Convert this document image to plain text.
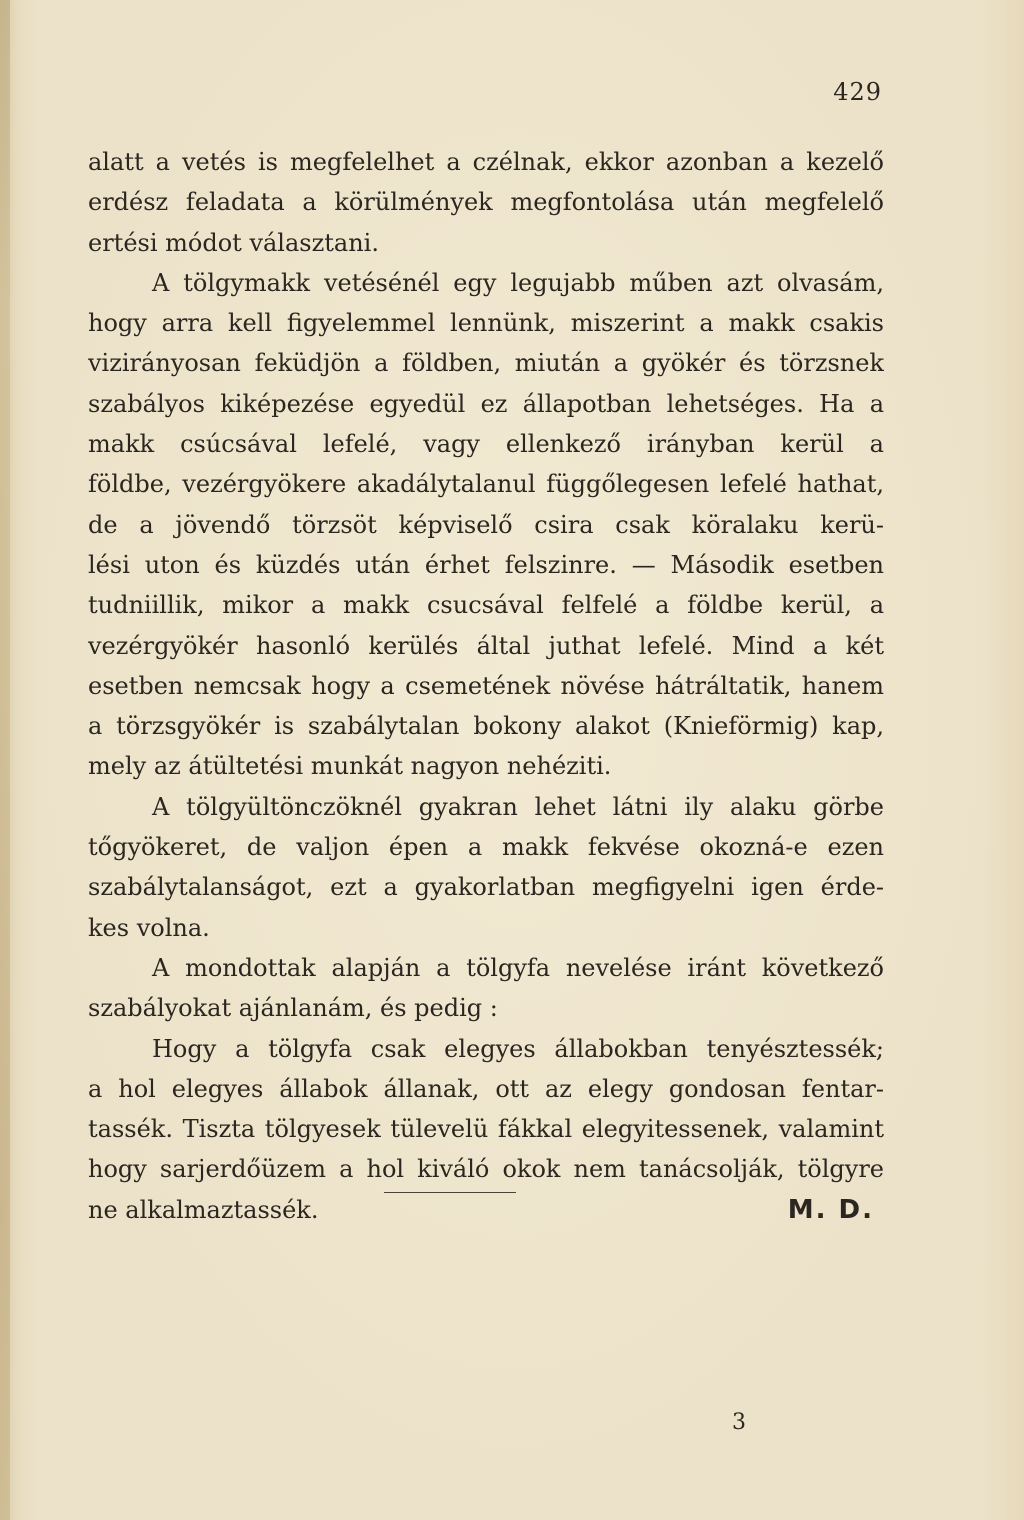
429
alatt a vetés is megfelelhet a czélnak, ekkor azonban a kezelő
erdész feladata a körülmények megfontolása után megfelelő
ertési módot választani.
A tölgymakk vetésénél egy legujabb műben azt olvasám,
hogy arra kell figyelemmel lennünk, miszerint a makk csakis
vizirányosan feküdjön a földben, miután a gyökér és törzsnek
szabályos kiképezése egyedül ez állapotban lehetséges. Ha a
makk csúcsával lefelé, vagy ellenkező irányban kerül a
földbe, vezérgyökere akadálytalanul függőlegesen lefelé hathat,
de a jövendő törzsöt képviselő csira csak köralaku kerü-
lési uton és küzdés után érhet felszinre. — Második esetben
tudniillik, mikor a makk csucsával felfelé a földbe kerül, a
vezérgyökér hasonló kerülés által juthat lefelé. Mind a két
esetben nemcsak hogy a csemetének növése hátráltatik, hanem
a törzsgyökér is szabálytalan bokony alakot (Knieförmig) kap,
mely az átültetési munkát nagyon nehéziti.
A tölgyültönczöknél gyakran lehet látni ily alaku görbe
tőgyökeret, de valjon épen a makk fekvése okozná-e ezen
szabálytalanságot, ezt a gyakorlatban megfigyelni igen érde-
kes volna.
A mondottak alapján a tölgyfa nevelése iránt következő
szabályokat ajánlanám, és pedig :
Hogy a tölgyfa csak elegyes állabokban tenyésztessék;
a hol elegyes állabok állanak, ott az elegy gondosan fentar-
tassék. Tiszta tölgyesek tülevelü fákkal elegyitessenek, valamint
hogy sarjerdőüzem a hol kiváló okok nem tanácsolják, tölgyre
ne alkalmaztassék.	M. D.
3
